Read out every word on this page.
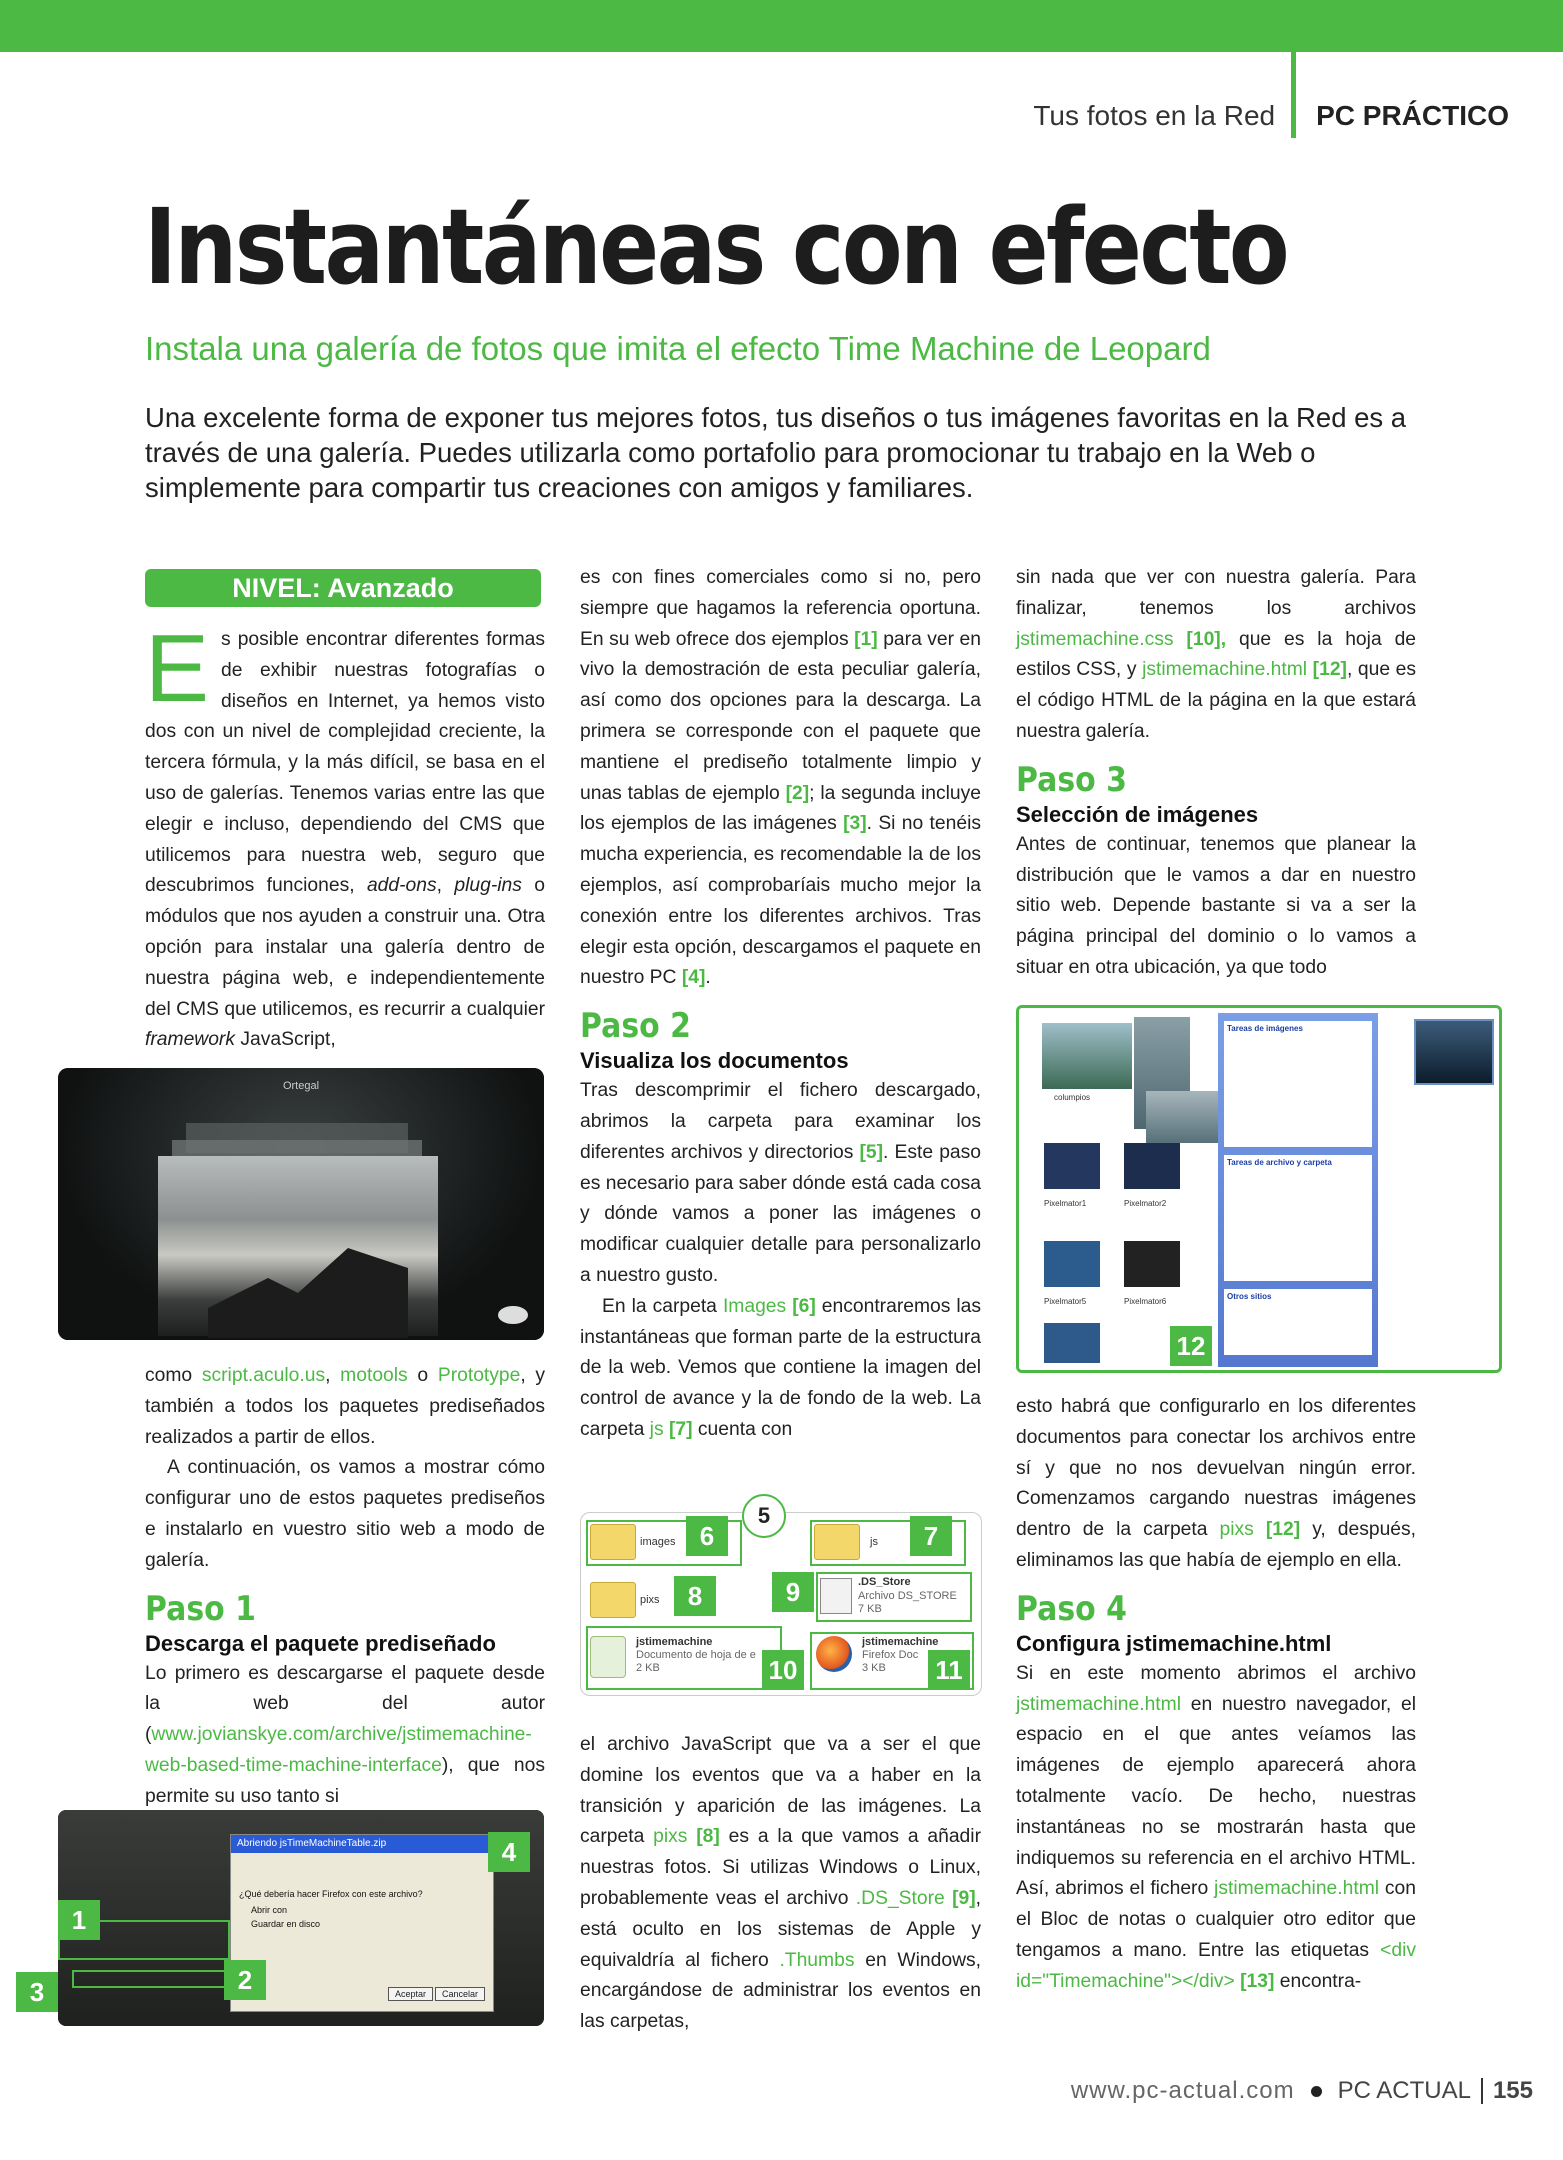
Tus fotos en la Red	PC PRÁCTICO
Instantáneas con efecto
Instala una galería de fotos que imita el efecto Time Machine de Leopard
Una excelente forma de exponer tus mejores fotos, tus diseños o tus imágenes favoritas en la Red es a través de una galería. Puedes utilizarla como portafolio para promocionar tu trabajo en la Web o simplemente para compartir tus creaciones con amigos y familiares.
NIVEL: Avanzado

Es posible encontrar diferentes formas de exhibir nuestras fotografías o diseños en Internet, ya hemos visto dos con un nivel de complejidad creciente, la tercera fórmula, y la más difícil, se basa en el uso de galerías. Tenemos varias entre las que elegir e incluso, dependiendo del CMS que utilicemos para nuestra web, seguro que descubrimos funciones, add-ons, plug-ins o módulos que nos ayuden a construir una. Otra opción para instalar una galería dentro de nuestra página web, e independientemente del CMS que utilicemos, es recurrir a cualquier framework JavaScript,

Ortegal

como script.aculo.us, motools o Prototype, y también a todos los paquetes prediseñados realizados a partir de ellos.

A continuación, os vamos a mostrar cómo configurar uno de estos paquetes prediseños e instalarlo en vuestro sitio web a modo de galería.

Paso 1
Descarga el paquete prediseñado

Lo primero es descargarse el paquete desde la web del autor (www.jovianskye.com/archive/jstimemachine-web-based-time-machine-interface), que nos permite su uso tanto si

Abriendo jsTimeMachineTable.zip
¿Qué debería hacer Firefox con este archivo?
Abrir con
Guardar en disco
Aceptar	Cancelar
1
2
3
4

es con fines comerciales como si no, pero siempre que hagamos la referencia oportuna. En su web ofrece dos ejemplos [1] para ver en vivo la demostración de esta peculiar galería, así como dos opciones para la descarga. La primera se corresponde con el paquete que mantiene el prediseño totalmente limpio y unas tablas de ejemplo [2]; la segunda incluye los ejemplos de las imágenes [3]. Si no tenéis mucha experiencia, es recomendable la de los ejemplos, así comprobaríais mucho mejor la conexión entre los diferentes archivos. Tras elegir esta opción, descargamos el paquete en nuestro PC [4].

Paso 2
Visualiza los documentos

Tras descomprimir el fichero descargado, abrimos la carpeta para examinar los diferentes archivos y directorios [5]. Este paso es necesario para saber dónde está cada cosa y dónde vamos a poner las imágenes o modificar cualquier detalle para personalizarlo a nuestro gusto.

En la carpeta Images [6] encontraremos las instantáneas que forman parte de la estructura de la web. Vemos que contiene la imagen del control de avance y la de fondo de la web. La carpeta js [7] cuenta con

images	js
pixs
.DS_Store
Archivo DS_STORE
7 KB
jstimemachine
Documento de hoja de e
2 KB
jstimemachine
Firefox Doc
3 KB
5
6	7
8	9
10	11

el archivo JavaScript que va a ser el que domine los eventos que va a haber en la transición y aparición de las imágenes. La carpeta pixs [8] es a la que vamos a añadir nuestras fotos. Si utilizas Windows o Linux, probablemente veas el archivo .DS_Store [9], está oculto en los sistemas de Apple y equivaldría al fichero .Thumbs en Windows, encargándose de administrar los eventos en las carpetas,

sin nada que ver con nuestra galería. Para finalizar, tenemos los archivos jstimemachine.css [10], que es la hoja de estilos CSS, y jstimemachine.html [12], que es el código HTML de la página en la que estará nuestra galería.

Paso 3
Selección de imágenes

Antes de continuar, tenemos que planear la distribución que le vamos a dar en nuestro sitio web. Depende bastante si va a ser la página principal del dominio o lo vamos a situar en otra ubicación, ya que todo

columpios
Pixelmator1	Pixelmator2
Pixelmator5	Pixelmator6
Tareas de imágenes
Tareas de archivo y carpeta
Otros sitios
12

esto habrá que configurarlo en los diferentes documentos para conectar los archivos entre sí y que no nos devuelvan ningún error. Comenzamos cargando nuestras imágenes dentro de la carpeta pixs [12] y, después, eliminamos las que había de ejemplo en ella.

Paso 4
Configura jstimemachine.html

Si en este momento abrimos el archivo jstimemachine.html en nuestro navegador, el espacio en el que antes veíamos las imágenes de ejemplo aparecerá ahora totalmente vacío. De hecho, nuestras instantáneas no se mostrarán hasta que indiquemos su referencia en el archivo HTML. Así, abrimos el fichero jstimemachine.html con el Bloc de notas o cualquier otro editor que tengamos a mano. Entre las etiquetas <div id="Timemachine"></div> [13] encontra-

www.pc-actual.com PC ACTUAL 155
